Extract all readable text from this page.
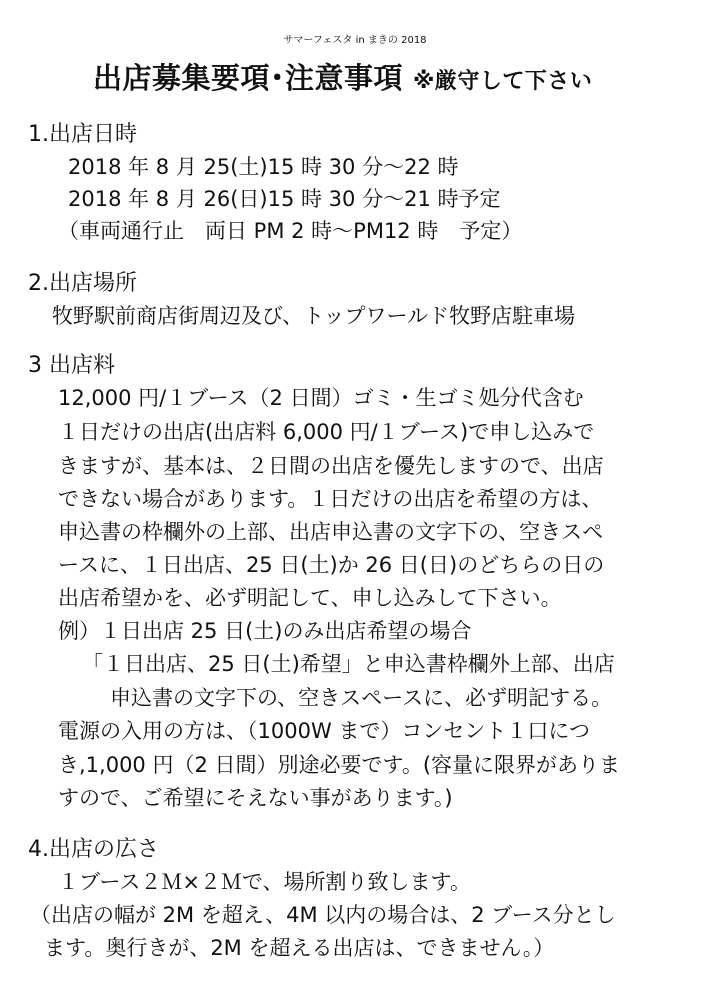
サマーフェスタ in まきの 2018
出店募集要項･注意事項 ※厳守して下さい
1.出店日時
2018 年 8 月 25(土)15 時 30 分～22 時
2018 年 8 月 26(日)15 時 30 分～21 時予定
（車両通行止　両日 PM 2 時～PM12 時　予定）
2.出店場所
牧野駅前商店街周辺及び、トップワールド牧野店駐車場
3 出店料
12,000 円/１ブース（2 日間）ゴミ・生ゴミ処分代含む
１日だけの出店(出店料 6,000 円/１ブース)で申し込みで
きますが、基本は、２日間の出店を優先しますので、出店
できない場合があります。１日だけの出店を希望の方は、
申込書の枠欄外の上部、出店申込書の文字下の、空きスペ
ースに、１日出店、25 日(土)か 26 日(日)のどちらの日の
出店希望かを、必ず明記して、申し込みして下さい。
例）１日出店 25 日(土)のみ出店希望の場合
「１日出店、25 日(土)希望」と申込書枠欄外上部、出店
申込書の文字下の、空きスペースに、必ず明記する。
電源の入用の方は、（1000W まで）コンセント１口につ
き,1,000 円（2 日間）別途必要です。(容量に限界がありま
すので、ご希望にそえない事があります。)
4.出店の広さ
１ブース２Ｍ×２Ｍで、場所割り致します。
（出店の幅が 2M を超え、4M 以内の場合は、2 ブース分とし
ます。奥行きが、2M を超える出店は、できません。）
